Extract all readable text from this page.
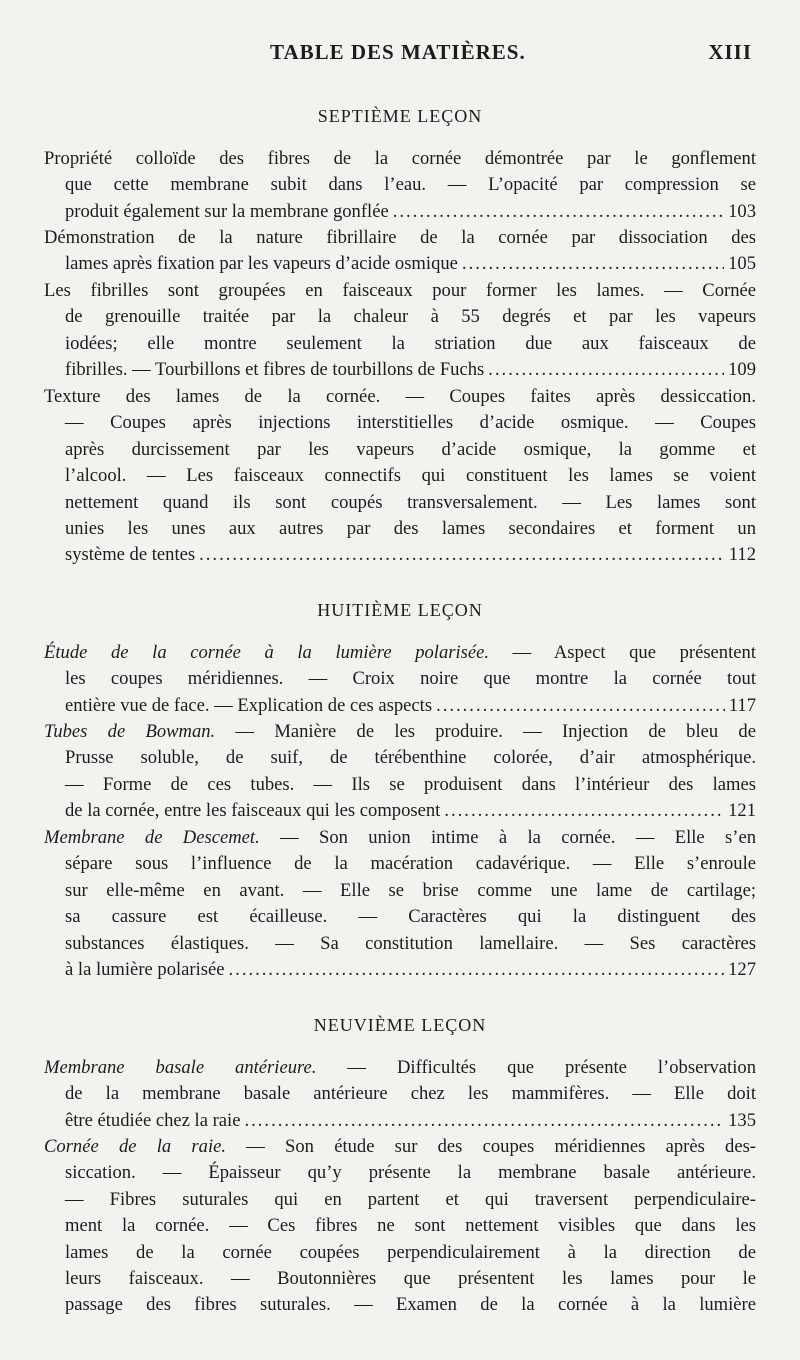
TABLE DES MATIÈRES.	XIII
SEPTIÈME LEÇON
Propriété colloïde des fibres de la cornée démontrée par le gonflement
que cette membrane subit dans l’eau. — L’opacité par compression se
produit également sur la membrane gonflée .....	103
Démonstration de la nature fibrillaire de la cornée par dissociation des
lames après fixation par les vapeurs d’acide osmique .....	105
Les fibrilles sont groupées en faisceaux pour former les lames. — Cornée
de grenouille traitée par la chaleur à 55 degrés et par les vapeurs
iodées; elle montre seulement la striation due aux faisceaux de
fibrilles. — Tourbillons et fibres de tourbillons de Fuchs .....	109
Texture des lames de la cornée. — Coupes faites après dessiccation.
— Coupes après injections interstitielles d’acide osmique. — Coupes
après durcissement par les vapeurs d’acide osmique, la gomme et
l’alcool. — Les faisceaux connectifs qui constituent les lames se voient
nettement quand ils sont coupés transversalement. — Les lames sont
unies les unes aux autres par des lames secondaires et forment un
système de tentes .....	112
HUITIÈME LEÇON
Étude de la cornée à la lumière polarisée. — Aspect que présentent
les coupes méridiennes. — Croix noire que montre la cornée tout
entière vue de face. — Explication de ces aspects .....	117
Tubes de Bowman. — Manière de les produire. — Injection de bleu de
Prusse soluble, de suif, de térébenthine colorée, d’air atmosphérique.
— Forme de ces tubes. — Ils se produisent dans l’intérieur des lames
de la cornée, entre les faisceaux qui les composent .....	121
Membrane de Descemet. — Son union intime à la cornée. — Elle s’en
sépare sous l’influence de la macération cadavérique. — Elle s’enroule
sur elle-même en avant. — Elle se brise comme une lame de cartilage;
sa cassure est écailleuse. — Caractères qui la distinguent des
substances élastiques. — Sa constitution lamellaire. — Ses caractères
à la lumière polarisée .....	127
NEUVIÈME LEÇON
Membrane basale antérieure. — Difficultés que présente l’observation
de la membrane basale antérieure chez les mammifères. — Elle doit
être étudiée chez la raie .....	135
Cornée de la raie. — Son étude sur des coupes méridiennes après des-
siccation. — Épaisseur qu’y présente la membrane basale antérieure.
— Fibres suturales qui en partent et qui traversent perpendiculaire-
ment la cornée. — Ces fibres ne sont nettement visibles que dans les
lames de la cornée coupées perpendiculairement à la direction de
leurs faisceaux. — Boutonnières que présentent les lames pour le
passage des fibres suturales. — Examen de la cornée à la lumière
